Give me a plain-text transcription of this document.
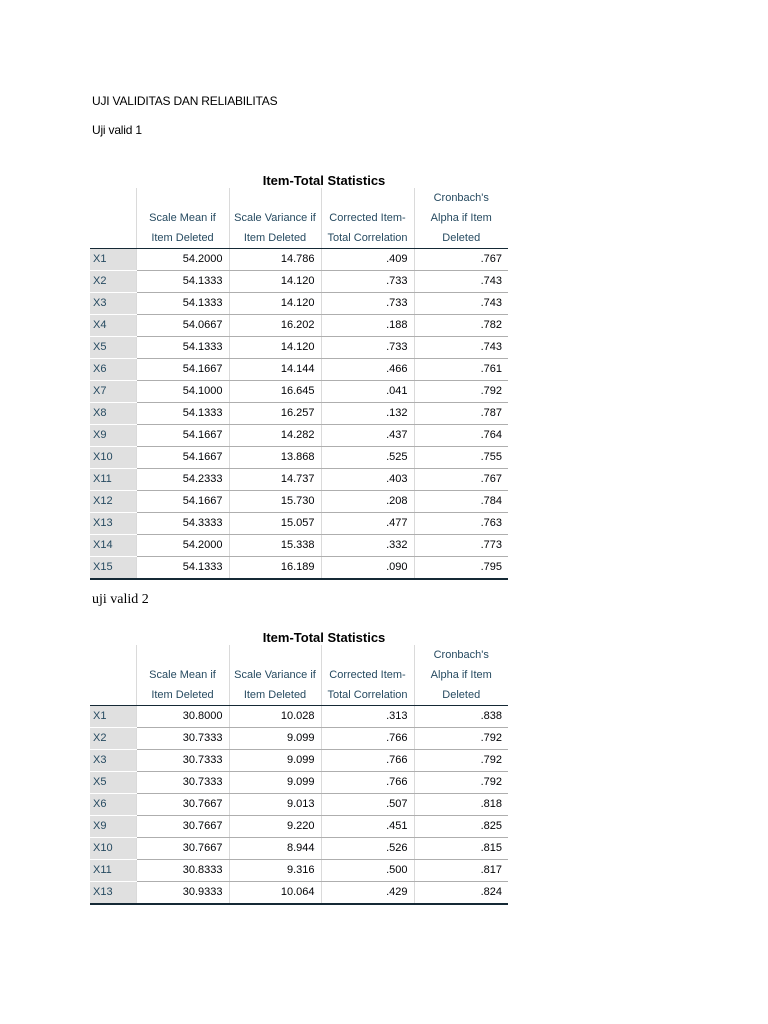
UJI VALIDITAS DAN RELIABILITAS
Uji valid 1
Item-Total Statistics
				Cronbach's
	Scale Mean if	Scale Variance if	Corrected Item-	Alpha if Item
	Item Deleted	Item Deleted	Total Correlation	Deleted
X1	54.2000	14.786	.409	.767
X2	54.1333	14.120	.733	.743
X3	54.1333	14.120	.733	.743
X4	54.0667	16.202	.188	.782
X5	54.1333	14.120	.733	.743
X6	54.1667	14.144	.466	.761
X7	54.1000	16.645	.041	.792
X8	54.1333	16.257	.132	.787
X9	54.1667	14.282	.437	.764
X10	54.1667	13.868	.525	.755
X11	54.2333	14.737	.403	.767
X12	54.1667	15.730	.208	.784
X13	54.3333	15.057	.477	.763
X14	54.2000	15.338	.332	.773
X15	54.1333	16.189	.090	.795
uji valid 2
Item-Total Statistics
				Cronbach's
	Scale Mean if	Scale Variance if	Corrected Item-	Alpha if Item
	Item Deleted	Item Deleted	Total Correlation	Deleted
X1	30.8000	10.028	.313	.838
X2	30.7333	9.099	.766	.792
X3	30.7333	9.099	.766	.792
X5	30.7333	9.099	.766	.792
X6	30.7667	9.013	.507	.818
X9	30.7667	9.220	.451	.825
X10	30.7667	8.944	.526	.815
X11	30.8333	9.316	.500	.817
X13	30.9333	10.064	.429	.824
